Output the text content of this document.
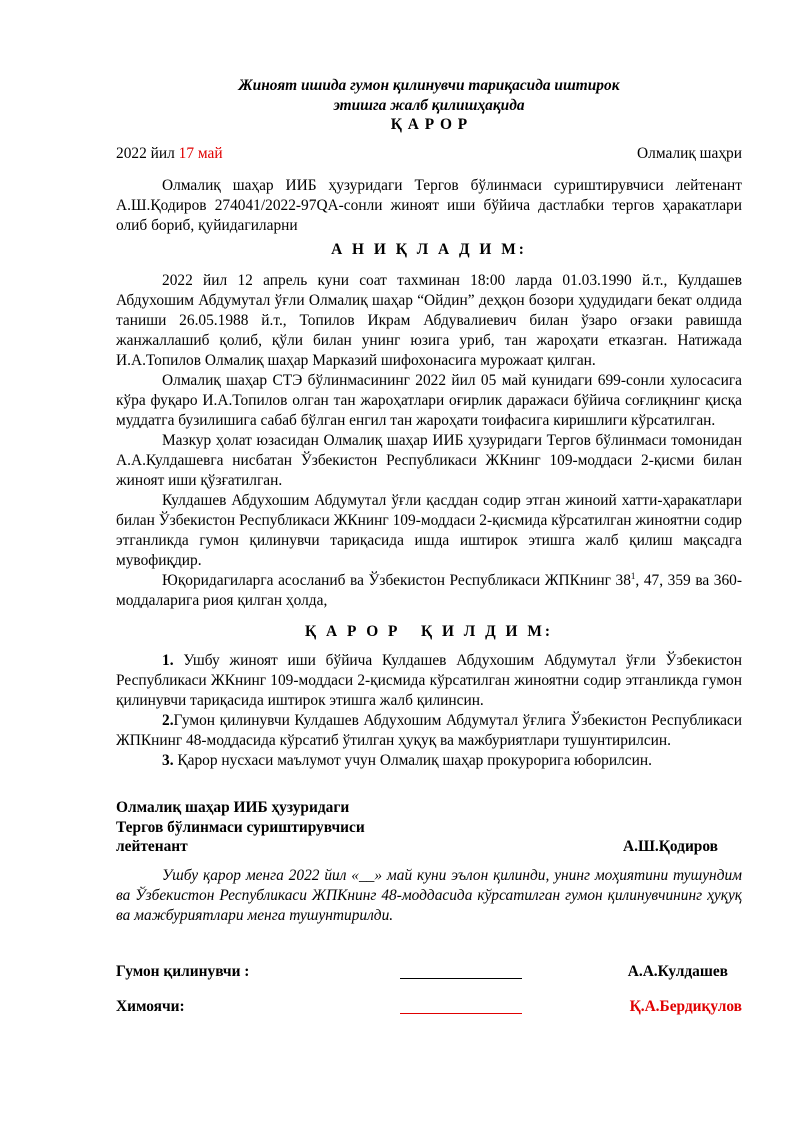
Жиноят ишида гумон қилинувчи тариқасида иштирок
этишга жалб қилишҳақида
Қ А Р О Р
2022 йил 17 май	Олмалиқ шаҳри
Олмалиқ шаҳар ИИБ ҳузуридаги Тергов бўлинмаси суриштирувчиси лейтенант А.Ш.Қодиров 274041/2022-97QA-сонли жиноят иши бўйича дастлабки тергов ҳаракатлари олиб бориб, қуйидагиларни
А Н И Қ Л А Д И М:
2022 йил 12 апрель куни соат тахминан 18:00 ларда 01.03.1990 й.т., Кулдашев Абдухошим Абдумутал ўғли Олмалиқ шаҳар “Ойдин” деҳқон бозори ҳудудидаги бекат олдида таниши 26.05.1988 й.т., Топилов Икрам Абдувалиевич билан ўзаро оғзаки равишда жанжаллашиб қолиб, қўли билан унинг юзига уриб, тан жароҳати етказган. Натижада И.А.Топилов Олмалиқ шаҳар Марказий шифохонасига мурожаат қилган.
Олмалиқ шаҳар СТЭ бўлинмасининг 2022 йил 05 май кунидаги 699-сонли хулосасига кўра фуқаро И.А.Топилов олган тан жароҳатлари оғирлик даражаси бўйича соғлиқнинг қисқа муддатга бузилишига сабаб бўлган енгил тан жароҳати тоифасига киришлиги кўрсатилган.
Мазкур ҳолат юзасидан Олмалиқ шаҳар ИИБ ҳузуридаги Тергов бўлинмаси томонидан А.А.Кулдашевга нисбатан Ўзбекистон Республикаси ЖКнинг 109-моддаси 2-қисми билан жиноят иши қўзғатилган.
Кулдашев Абдухошим Абдумутал ўғли қасддан содир этган жиноий хатти-ҳаракатлари билан Ўзбекистон Республикаси ЖКнинг 109-моддаси 2-қисмида кўрсатилган жиноятни содир этганликда гумон қилинувчи тариқасида ишда иштирок этишга жалб қилиш мақсадга мувофиқдир.
Юқоридагиларга асосланиб ва Ўзбекистон Республикаси ЖПКнинг $38^1$, 47, 359 ва 360-моддаларига риоя қилган ҳолда,
Қ А Р О Р   Қ И Л Д И М:
1. Ушбу жиноят иши бўйича Кулдашев Абдухошим Абдумутал ўғли Ўзбекистон Республикаси ЖКнинг 109-моддаси 2-қисмида кўрсатилган жиноятни содир этганликда гумон қилинувчи тариқасида иштирок этишга жалб қилинсин.
2.Гумон қилинувчи Кулдашев Абдухошим Абдумутал ўғлига Ўзбекистон Республикаси ЖПКнинг 48-моддасида кўрсатиб ўтилган ҳуқуқ ва мажбуриятлари тушунтирилсин.
3. Қарор нусхаси маълумот учун Олмалиқ шаҳар прокурорига юборилсин.
Олмалиқ шаҳар ИИБ ҳузуридаги
Тергов бўлинмаси суриштирувчиси
лейтенант	А.Ш.Қодиров
Ушбу қарор менга 2022 йил «__» май куни эълон қилинди, унинг моҳиятини тушундим ва Ўзбекистон Республикаси ЖПКнинг 48-моддасида кўрсатилган гумон қилинувчининг ҳуқуқ ва мажбуриятлари менга тушунтирилди.
Гумон қилинувчи :	А.А.Кулдашев
Химоячи:	Қ.А.Бердиқулов
